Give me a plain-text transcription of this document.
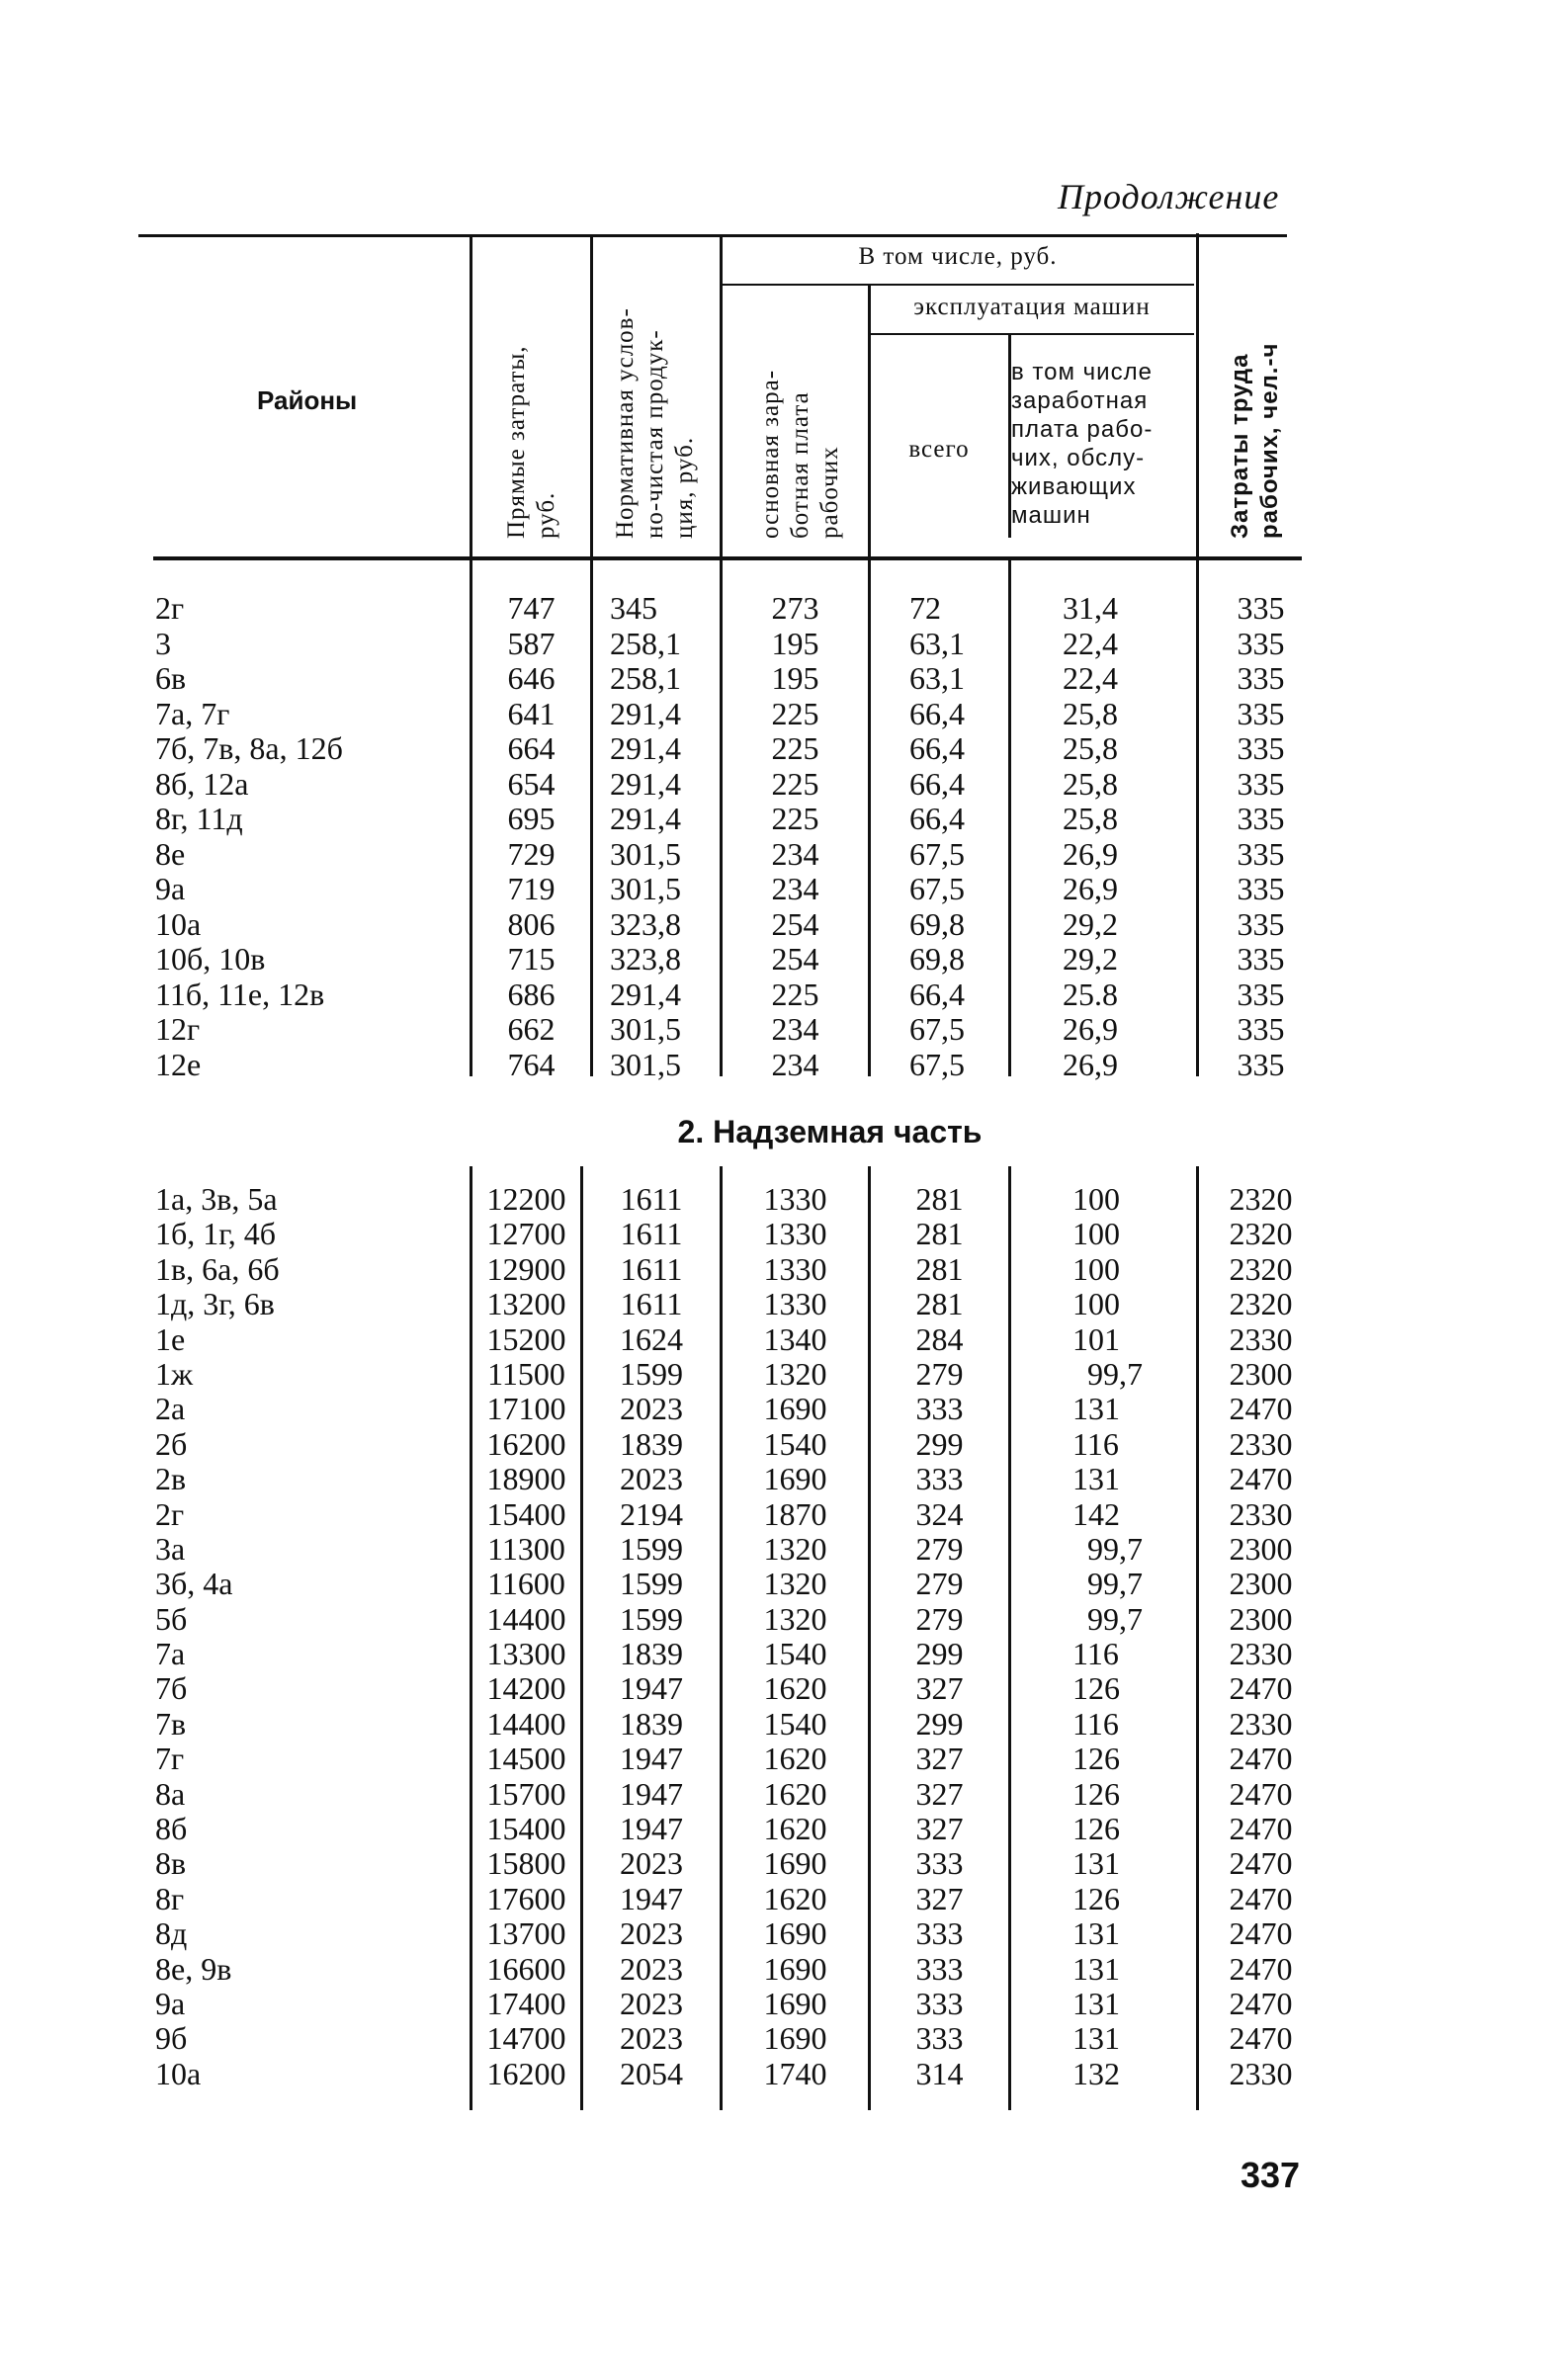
Продолжение
Районы
Прямые затраты,
руб. Нормативная услов-
но-чистая продук-
ция, руб.
В том числе, руб.
основная зара-
ботная плата
рабочих
эксплуатация машин
всего
в том числе
заработная
плата рабо-
чих, обслу-
живающих
машин	Затраты труда
рабочих, чел.-ч
2г
3
6в
7а, 7г
7б, 7в, 8а, 12б
8б, 12а
8г, 11д
8е
9а
10а
10б, 10в
11б, 11е, 12в
12г
12е
747
587
646
641
664
654
695
729
719
806
715
686
662
764
345
258,1
258,1
291,4
291,4
291,4
291,4
301,5
301,5
323,8
323,8
291,4
301,5
301,5
273
195
195
225
225
225
225
234
234
254
254
225
234
234
72
63,1
63,1
66,4
66,4
66,4
66,4
67,5
67,5
69,8
69,8
66,4
67,5
67,5
31,4
22,4
22,4
25,8
25,8
25,8
25,8
26,9
26,9
29,2
29,2
25.8
26,9
26,9
335
335
335
335
335
335
335
335
335
335
335
335
335
335
2. Надземная часть
1а, 3в, 5а
1б, 1г, 4б
1в, 6а, 6б
1д, 3г, 6в
1е
1ж
2а
2б
2в
2г
3а
3б, 4а
5б
7а
7б
7в
7г
8а
8б
8в
8г
8д
8е, 9в
9а
9б
10а
12200
12700
12900
13200
15200
11500
17100
16200
18900
15400
11300
11600
14400
13300
14200
14400
14500
15700
15400
15800
17600
13700
16600
17400
14700
16200
1611
1611
1611
1611
1624
1599
2023
1839
2023
2194
1599
1599
1599
1839
1947
1839
1947
1947
1947
2023
1947
2023
2023
2023
2023
2054
1330
1330
1330
1330
1340
1320
1690
1540
1690
1870
1320
1320
1320
1540
1620
1540
1620
1620
1620
1690
1620
1690
1690
1690
1690
1740
281
281
281
281
284
279
333
299
333
324
279
279
279
299
327
299
327
327
327
333
327
333
333
333
333
314
100
100
100
100
101
99,7
131
116
131
142
99,7
99,7
99,7
116
126
116
126
126
126
131
126
131
131
131
131
132
2320
2320
2320
2320
2330
2300
2470
2330
2470
2330
2300
2300
2300
2330
2470
2330
2470
2470
2470
2470
2470
2470
2470
2470
2470
2330
337
